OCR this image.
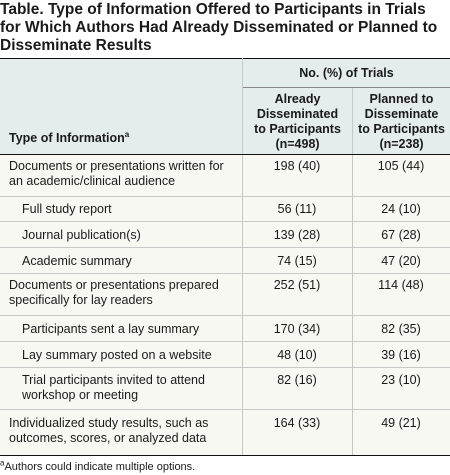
Table. Type of Information Offered to Participants in Trials for Which Authors Had Already Disseminated or Planned to Disseminate Results
No. (%) of Trials
Type of Information$^a$
Already
Disseminated
to Participants
(n=498)
Planned to
Disseminate
to Participants
(n=238)
Documents or presentations written for
an academic/clinical audience
198 (40)	105 (44)
Full study report	56 (11)	24 (10)
Journal publication(s)	139 (28)	67 (28)
Academic summary	74 (15)	47 (20)
Documents or presentations prepared
specifically for lay readers
252 (51)	114 (48)
Participants sent a lay summary	170 (34)	82 (35)
Lay summary posted on a website	48 (10)	39 (16)
Trial participants invited to attend
workshop or meeting
82 (16)	23 (10)
Individualized study results, such as
outcomes, scores, or analyzed data
164 (33)	49 (21)
$^a$Authors could indicate multiple options.
